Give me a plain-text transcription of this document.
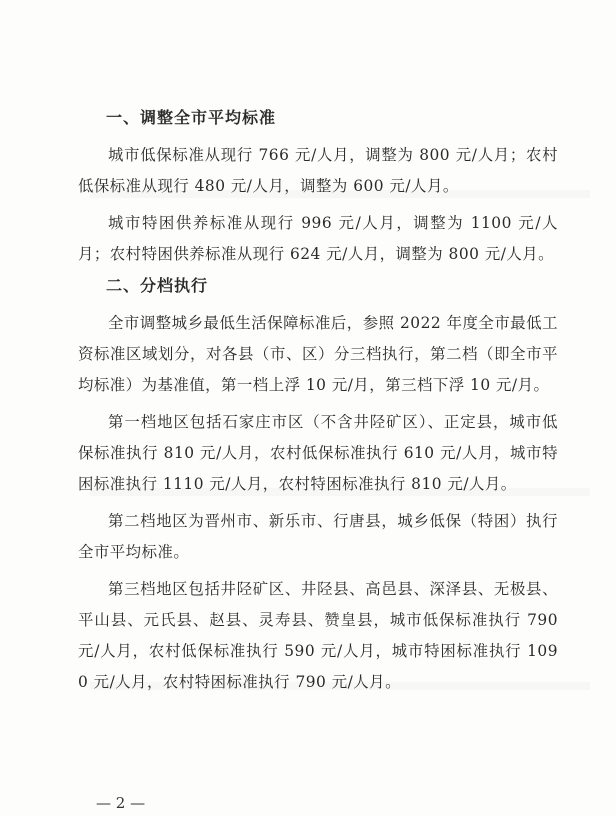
一、调整全市平均标准

城市低保标准从现行 766 元/人月，调整为 800 元/人月；农村低保标准从现行 480 元/人月，调整为 600 元/人月。

城市特困供养标准从现行 996 元/人月，调整为 1100 元/人月；农村特困供养标准从现行 624 元/人月，调整为 800 元/人月。

二、分档执行

全市调整城乡最低生活保障标准后，参照 2022 年度全市最低工资标准区域划分，对各县（市、区）分三档执行，第二档（即全市平均标准）为基准值，第一档上浮 10 元/月，第三档下浮 10 元/月。

第一档地区包括石家庄市区（不含井陉矿区）、正定县，城市低保标准执行 810 元/人月，农村低保标准执行 610 元/人月，城市特困标准执行 1110 元/人月，农村特困标准执行 810 元/人月。

第二档地区为晋州市、新乐市、行唐县，城乡低保（特困）执行全市平均标准。

第三档地区包括井陉矿区、井陉县、高邑县、深泽县、无极县、平山县、元氏县、赵县、灵寿县、赞皇县，城市低保标准执行 790 元/人月，农村低保标准执行 590 元/人月，城市特困标准执行 1090 元/人月，农村特困标准执行 790 元/人月。

— 2 —
